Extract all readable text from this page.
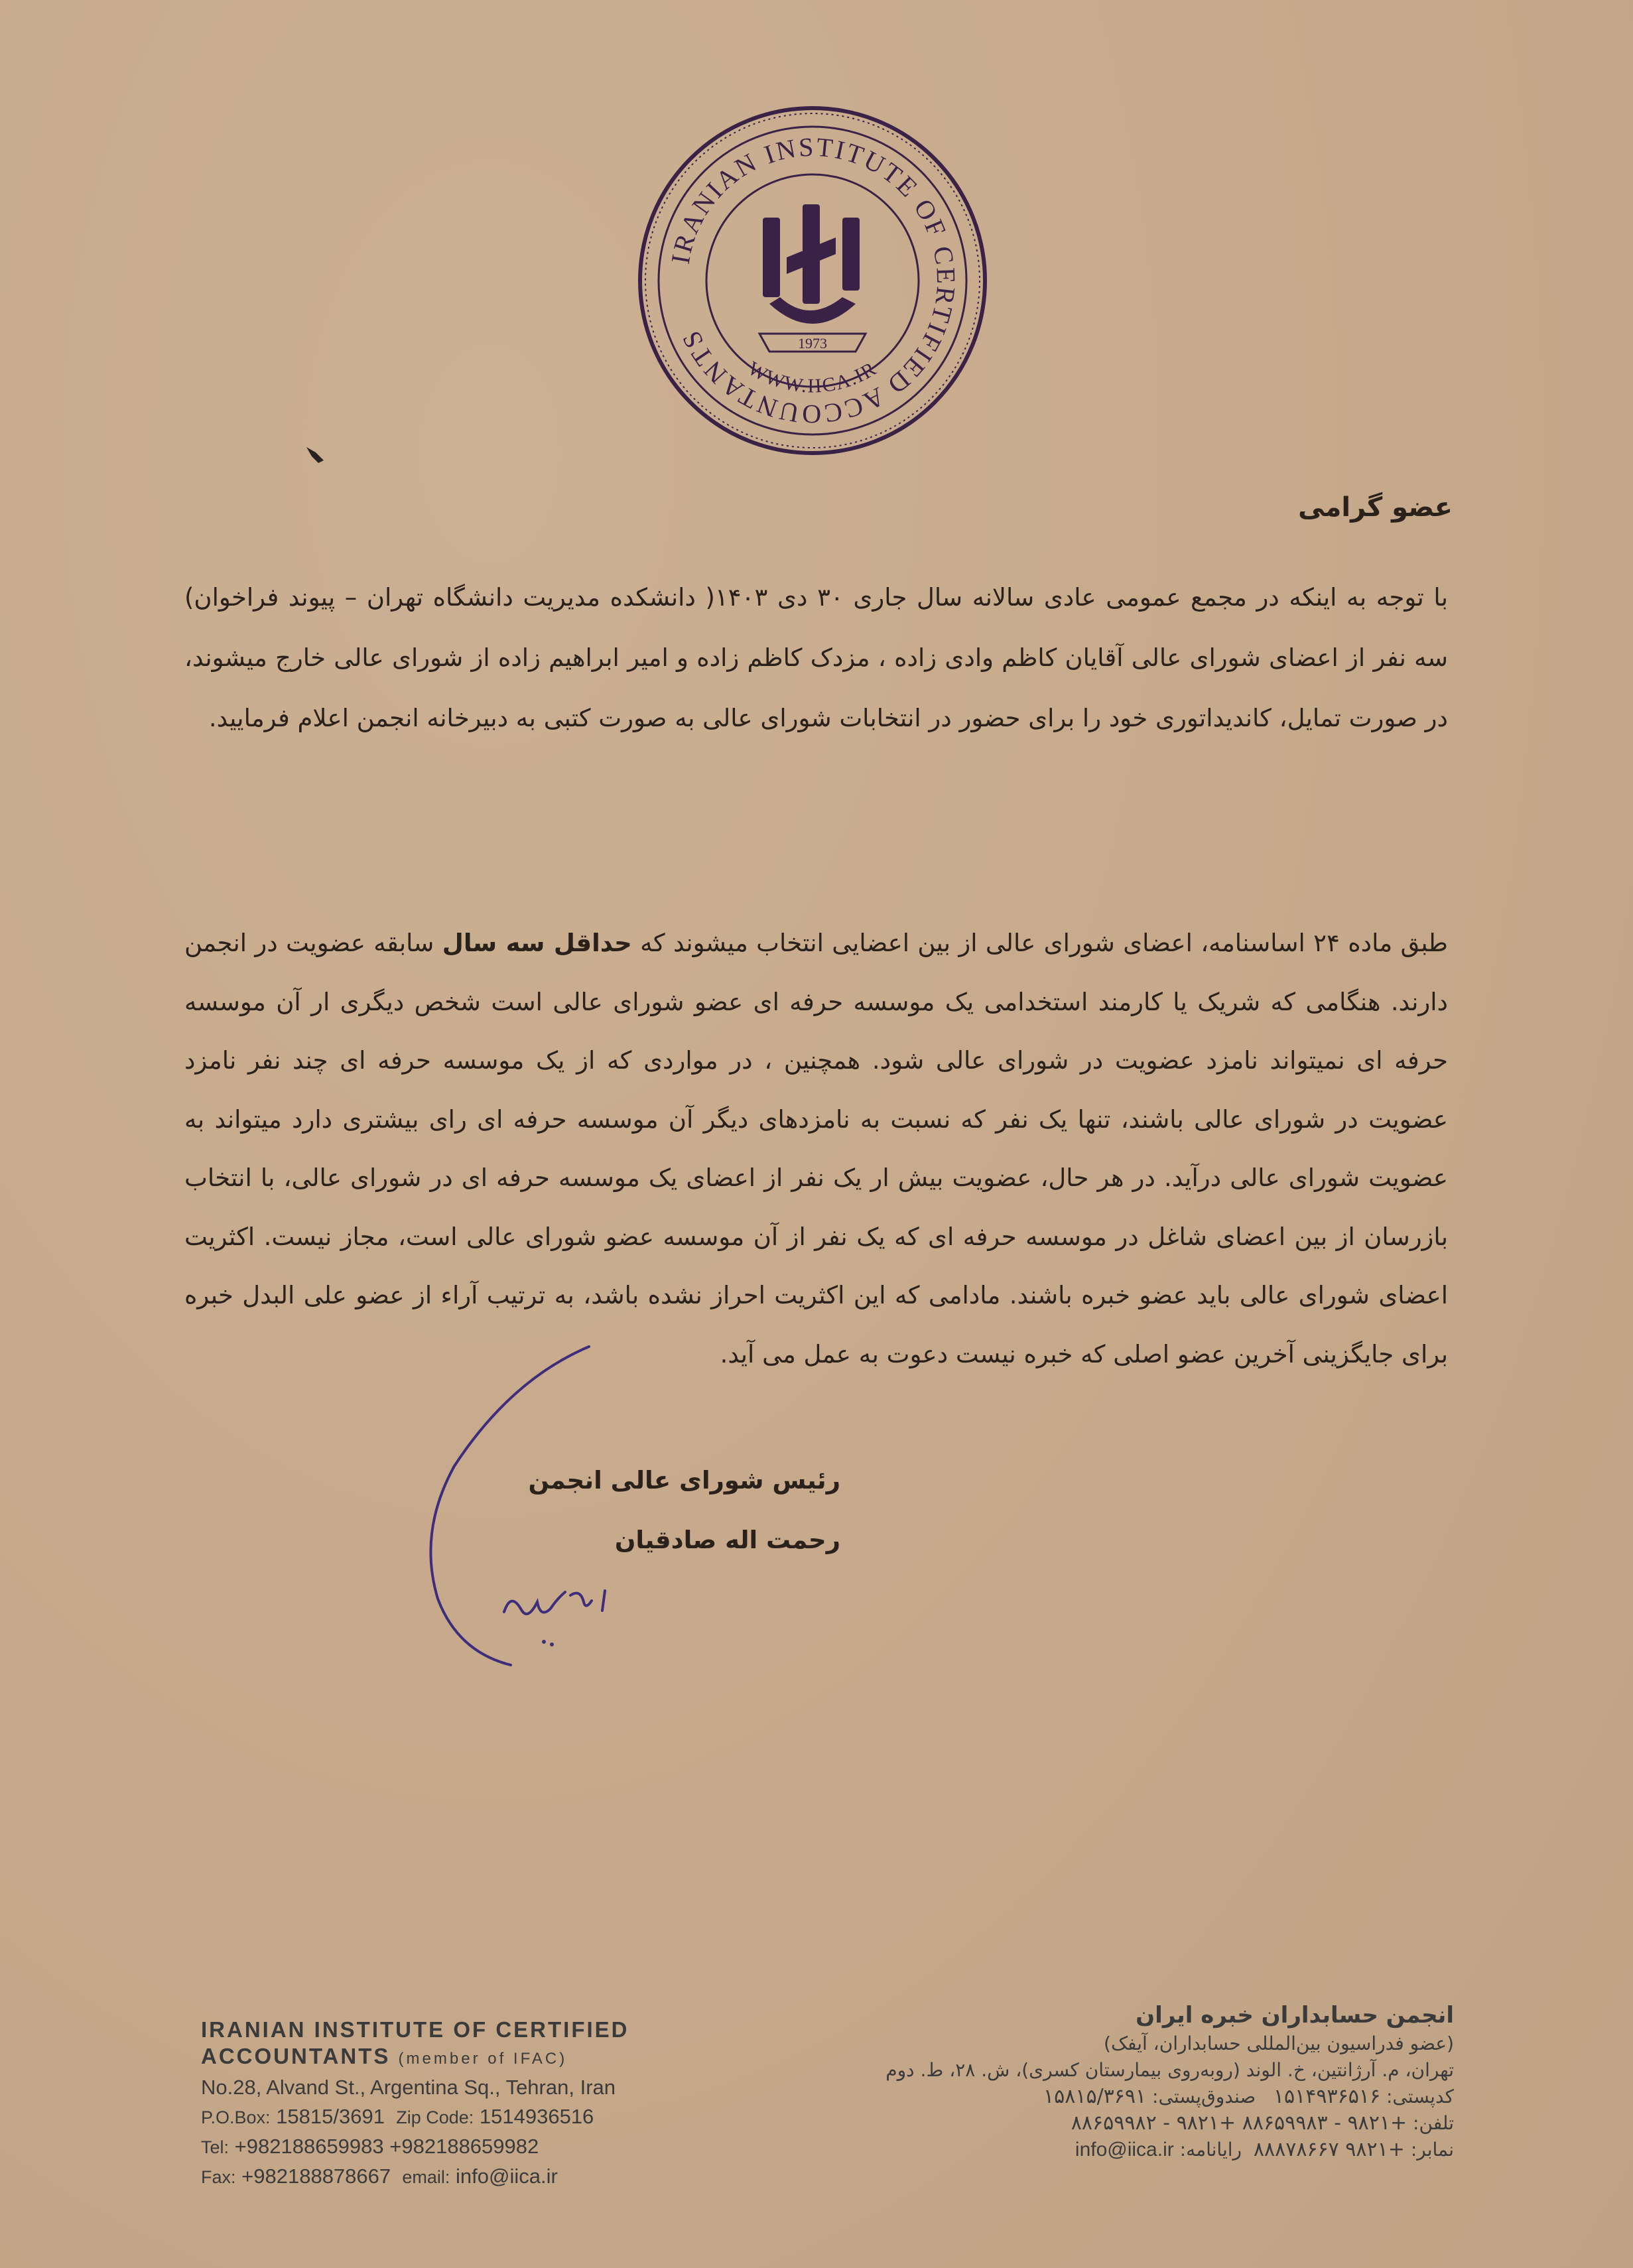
IRANIAN INSTITUTE OF CERTIFIED ACCOUNTANTS	1973
WWW.IICA.IR
عضو گرامی
با توجه به اینکه در مجمع عمومی عادی سالانه سال جاری ۳۰ دی ۱۴۰۳( دانشکده مدیریت دانشگاه تهران – پیوند فراخوان) سه نفر از اعضای شورای عالی آقایان کاظم وادی زاده ، مزدک کاظم زاده و امیر ابراهیم زاده از شورای عالی خارج میشوند، در صورت تمایل، کاندیداتوری خود را برای حضور در انتخابات شورای عالی به صورت کتبی به دبیرخانه انجمن اعلام فرمایید.
طبق ماده ۲۴ اساسنامه، اعضای شورای عالی از بین اعضایی انتخاب میشوند که حداقل سه سال سابقه عضویت در انجمن دارند. هنگامی که شریک یا کارمند استخدامی یک موسسه حرفه ای عضو شورای عالی است شخص دیگری ار آن موسسه حرفه ای نمیتواند نامزد عضویت در شورای عالی شود. همچنین ، در مواردی که از یک موسسه حرفه ای چند نفر نامزد عضویت در شورای عالی باشند، تنها یک نفر که نسبت به نامزدهای دیگر آن موسسه حرفه ای رای بیشتری دارد میتواند به عضویت شورای عالی درآید. در هر حال، عضویت بیش ار یک نفر از اعضای یک موسسه حرفه ای در شورای عالی، با انتخاب بازرسان از بین اعضای شاغل در موسسه حرفه ای که یک نفر از آن موسسه عضو شورای عالی است، مجاز نیست. اکثریت اعضای شورای عالی باید عضو خبره باشند. مادامی که این اکثریت احراز نشده باشد، به ترتیب آراء از عضو علی البدل خبره برای جایگزینی آخرین عضو اصلی که خبره نیست دعوت به عمل می آید.
رئیس شورای عالی انجمن
رحمت اله صادقیان
IRANIAN INSTITUTE OF CERTIFIED
ACCOUNTANTS (member of IFAC)
No.28, Alvand St., Argentina Sq., Tehran, Iran
P.O.Box: 15815/3691 Zip Code: 1514936516
Tel: +982188659983 +982188659982
Fax: +982188878667 email: info@iica.ir
انجمن حسابداران خبره ایران
(عضو فدراسیون بین‌المللی حسابداران، آیفک)
تهران، م. آرژانتین، خ. الوند (روبه‌روی بیمارستان کسری)، ش. ۲۸، ط. دوم
کدپستی: ۱۵۱۴۹۳۶۵۱۶   صندوق‌پستی: ۱۵۸۱۵/۳۶۹۱
تلفن: ۸۸۶۵۹۹۸۲ - ۹۸۲۱+ ۸۸۶۵۹۹۸۳ - ۹۸۲۱+
نمابر: ۸۸۸۷۸۶۶۷ ۹۸۲۱+  رایانامه: info@iica.ir
